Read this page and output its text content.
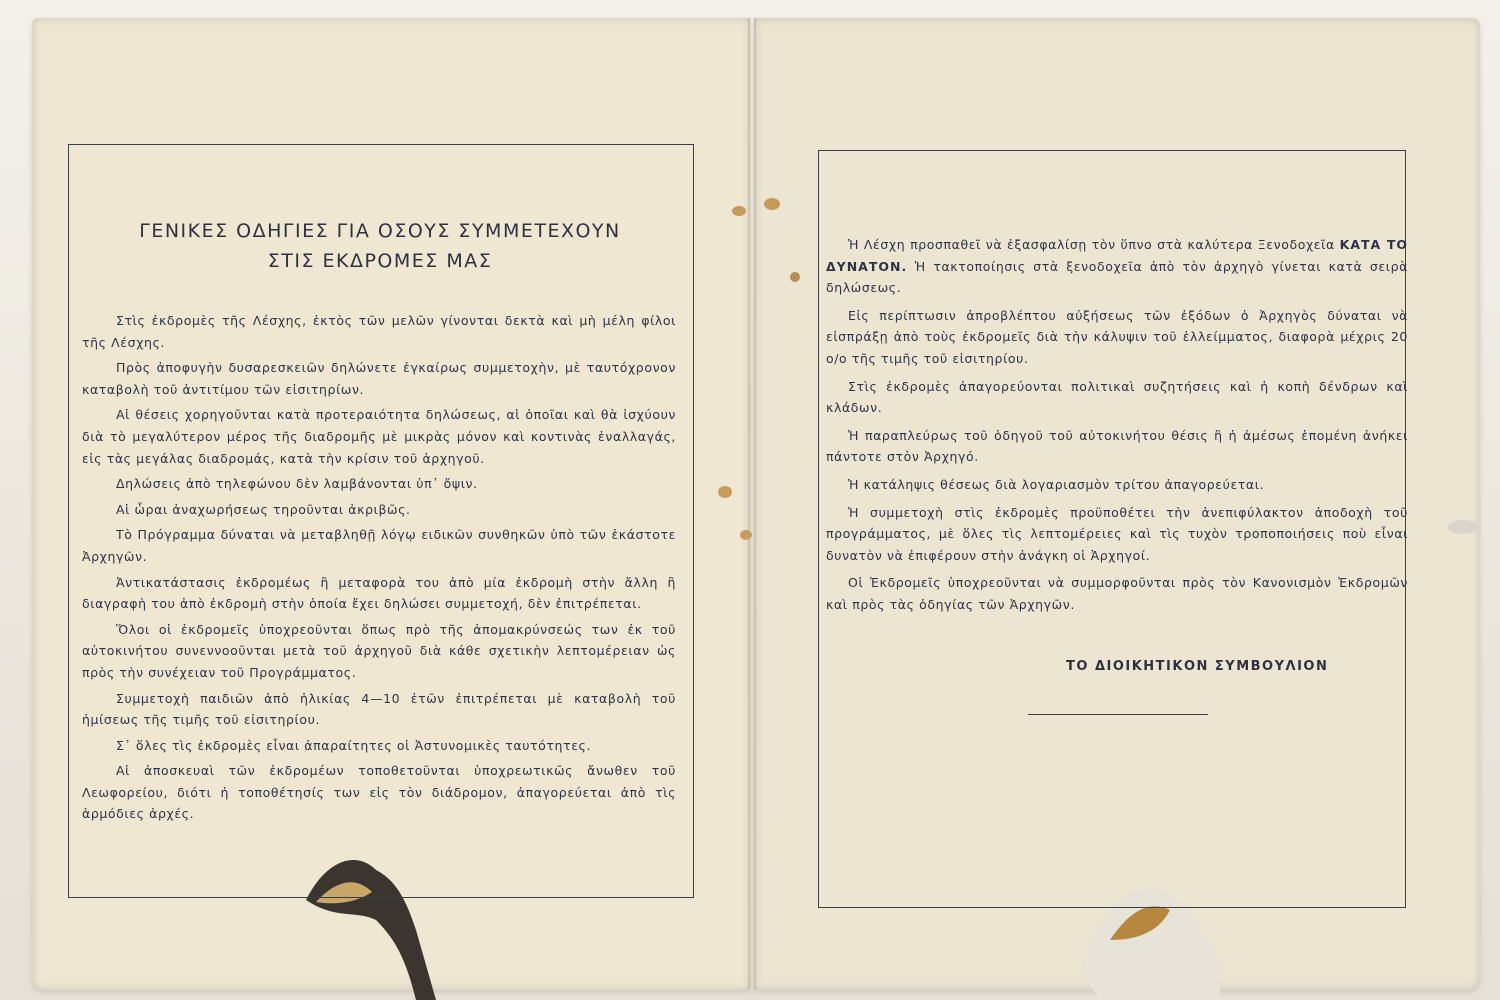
ΓΕΝΙΚΕΣ ΟΔΗΓΙΕΣ ΓΙΑ ΟΣΟΥΣ ΣΥΜΜΕΤΕΧΟΥΝ
ΣΤΙΣ ΕΚΔΡΟΜΕΣ ΜΑΣ

Στὶς ἐκδρομὲς τῆς Λέσχης, ἐκτὸς τῶν μελῶν γίνονται δεκτὰ καὶ μὴ μέλη φίλοι τῆς Λέσχης.

Πρὸς ἀποφυγὴν δυσαρεσκειῶν δηλώνετε ἐγκαίρως συμμετοχὴν, μὲ ταυτόχρονον καταβολὴ τοῦ ἀντιτίμου τῶν εἰσιτηρίων.

Αἱ θέσεις χορηγοῦνται κατὰ προτεραιότητα δηλώσεως, αἱ ὁποῖαι καὶ θὰ ἰσχύουν διὰ τὸ μεγαλύτερον μέρος τῆς διαδρομῆς μὲ μικρὰς μόνον καὶ κοντινὰς ἐναλλαγάς, εἰς τὰς μεγάλας διαδρομάς, κατὰ τὴν κρίσιν τοῦ ἀρχηγοῦ.

Δηλώσεις ἀπὸ τηλεφώνου δὲν λαμβάνονται ὑπ᾿ ὄψιν.

Αἱ ὧραι ἀναχωρήσεως τηροῦνται ἀκριβῶς.

Τὸ Πρόγραμμα δύναται νὰ μεταβληθῇ λόγῳ ειδικῶν συνθηκῶν ὑπὸ τῶν ἑκάστοτε Ἀρχηγῶν.

Ἀντικατάστασις ἐκδρομέως ἢ μεταφορὰ του ἀπὸ μία ἐκδρομὴ στὴν ἄλλη ἢ διαγραφὴ του ἀπὸ ἐκδρομὴ στὴν ὁποία ἔχει δηλώσει συμμετοχή, δὲν ἐπιτρέπεται.

Ὅλοι οἱ ἐκδρομεῖς ὑποχρεοῦνται ὅπως πρὸ τῆς ἀπομακρύνσεώς των ἐκ τοῦ αὐτοκινήτου συνεννοοῦνται μετὰ τοῦ ἀρχηγοῦ διὰ κάθε σχετικὴν λεπτομέρειαν ὡς πρὸς τὴν συνέχειαν τοῦ Προγράμματος.

Συμμετοχὴ παιδιῶν ἀπὸ ἡλικίας 4—10 ἐτῶν ἐπιτρέπεται μὲ καταβολὴ τοῦ ἡμίσεως τῆς τιμῆς τοῦ εἰσιτηρίου.

Σ᾿ ὅλες τὶς ἐκδρομὲς εἶναι ἀπαραίτητες οἱ Ἀστυνομικὲς ταυτότητες.

Αἱ ἀποσκευαὶ τῶν ἐκδρομέων τοποθετοῦνται ὑποχρεωτικῶς ἄνωθεν τοῦ Λεωφορείου, διότι ἡ τοποθέτησίς των εἰς τὸν διάδρομον, ἀπαγορεύεται ἀπὸ τὶς ἁρμόδιες ἀρχές.

Ἡ Λέσχη προσπαθεῖ νὰ ἐξασφαλίσῃ τὸν ὕπνο στὰ καλύτερα Ξενοδοχεῖα ΚΑΤΑ ΤΟ ΔΥΝΑΤΟΝ. Ἡ τακτοποίησις στὰ ξενοδοχεῖα ἀπὸ τὸν ἀρχηγὸ γίνεται κατὰ σειρὰ δηλώσεως.

Εἰς περίπτωσιν ἀπροβλέπτου αὐξήσεως τῶν ἐξόδων ὁ Ἀρχηγὸς δύναται νὰ εἰσπράξῃ ἀπὸ τοὺς ἐκδρομεῖς διὰ τὴν κάλυψιν τοῦ ἐλλείμματος, διαφορὰ μέχρις 20 ο/ο τῆς τιμῆς τοῦ εἰσιτηρίου.

Στὶς ἐκδρομὲς ἀπαγορεύονται πολιτικαὶ συζητήσεις καὶ ἡ κοπὴ δένδρων καὶ κλάδων.

Ἡ παραπλεύρως τοῦ ὁδηγοῦ τοῦ αὐτοκινήτου θέσις ἢ ἡ ἀμέσως ἑπομένη ἀνήκει πάντοτε στὸν Ἀρχηγό.

Ἡ κατάληψις θέσεως διὰ λογαριασμὸν τρίτου ἀπαγορεύεται.

Ἡ συμμετοχὴ στὶς ἐκδρομὲς προϋποθέτει τὴν ἀνεπιφύλακτον ἀποδοχὴ τοῦ προγράμματος, μὲ ὅλες τὶς λεπτομέρειες καὶ τὶς τυχὸν τροποποιήσεις ποὺ εἶναι δυνατὸν νὰ ἐπιφέρουν στὴν ἀνάγκη οἱ Ἀρχηγοί.

Οἱ Ἐκδρομεῖς ὑποχρεοῦνται νὰ συμμορφοῦνται πρὸς τὸν Κανονισμὸν Ἐκδρομῶν καὶ πρὸς τὰς ὁδηγίας τῶν Ἀρχηγῶν.

ΤΟ ΔΙΟΙΚΗΤΙΚΟΝ ΣΥΜΒΟΥΛΙΟΝ
